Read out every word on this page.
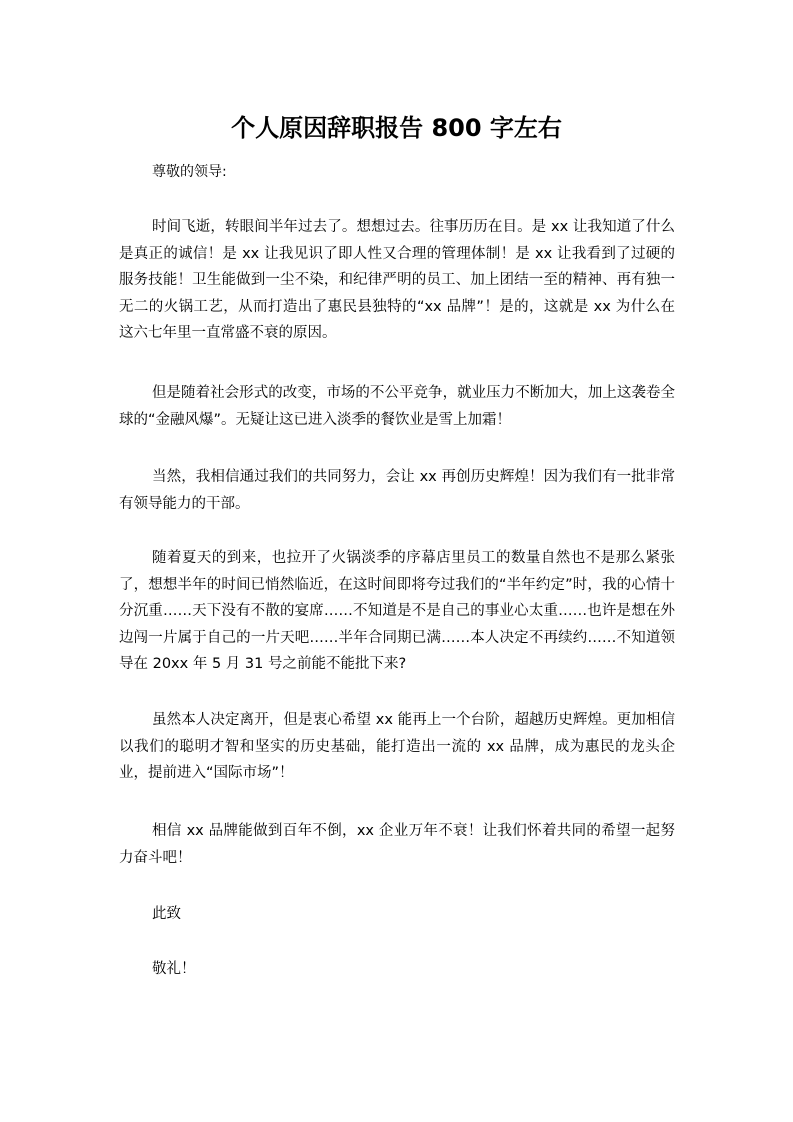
个人原因辞职报告 800 字左右

尊敬的领导:

时间飞逝，转眼间半年过去了。想想过去。往事历历在目。是 xx 让我知道了什么是真正的诚信！是 xx 让我见识了即人性又合理的管理体制！是 xx 让我看到了过硬的服务技能！卫生能做到一尘不染，和纪律严明的员工、加上团结一至的精神、再有独一无二的火锅工艺，从而打造出了惠民县独特的“xx 品牌”！是的，这就是 xx 为什么在这六七年里一直常盛不衰的原因。

但是随着社会形式的改变，市场的不公平竞争，就业压力不断加大，加上这袭卷全球的“金融风爆”。无疑让这已进入淡季的餐饮业是雪上加霜！

当然，我相信通过我们的共同努力，会让 xx 再创历史辉煌！因为我们有一批非常有领导能力的干部。

随着夏天的到来，也拉开了火锅淡季的序幕店里员工的数量自然也不是那么紧张了，想想半年的时间已悄然临近，在这时间即将夸过我们的“半年约定”时，我的心情十分沉重……天下没有不散的宴席……不知道是不是自己的事业心太重……也许是想在外边闯一片属于自己的一片天吧……半年合同期已满……本人决定不再续约……不知道领导在 20xx 年 5 月 31 号之前能不能批下来?

虽然本人决定离开，但是衷心希望 xx 能再上一个台阶，超越历史辉煌。更加相信以我们的聪明才智和坚实的历史基础，能打造出一流的 xx 品牌，成为惠民的龙头企业，提前进入“国际市场”！

相信 xx 品牌能做到百年不倒，xx 企业万年不衰！让我们怀着共同的希望一起努力奋斗吧！

此致

敬礼！
